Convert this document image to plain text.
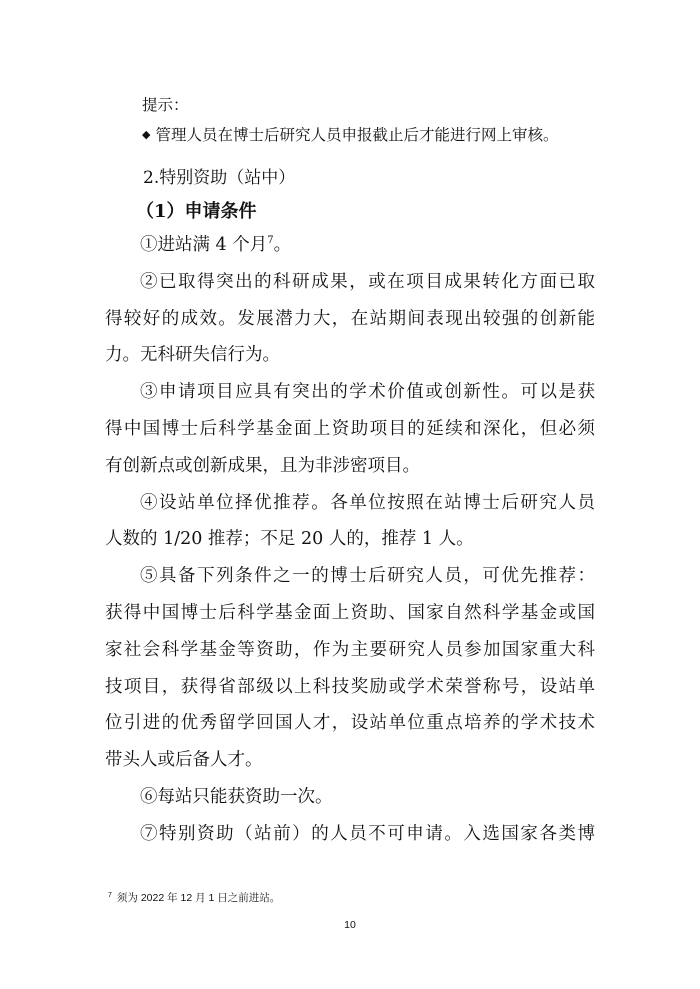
提示：
◆ 管理人员在博士后研究人员申报截止后才能进行网上审核。
2.特别资助（站中）
（1）申请条件
①进站满 4 个月$^7$。
②已取得突出的科研成果，或在项目成果转化方面已取
得较好的成效。发展潜力大，在站期间表现出较强的创新能
力。无科研失信行为。
③申请项目应具有突出的学术价值或创新性。可以是获
得中国博士后科学基金面上资助项目的延续和深化，但必须
有创新点或创新成果，且为非涉密项目。
④设站单位择优推荐。各单位按照在站博士后研究人员
人数的 1/20 推荐；不足 20 人的，推荐 1 人。
⑤具备下列条件之一的博士后研究人员，可优先推荐：
获得中国博士后科学基金面上资助、国家自然科学基金或国
家社会科学基金等资助，作为主要研究人员参加国家重大科
技项目，获得省部级以上科技奖励或学术荣誉称号，设站单
位引进的优秀留学回国人才，设站单位重点培养的学术技术
带头人或后备人才。
⑥每站只能获资助一次。
⑦特别资助（站前）的人员不可申请。入选国家各类博
$^7$ 须为 2022 年 12 月 1 日之前进站。
10
